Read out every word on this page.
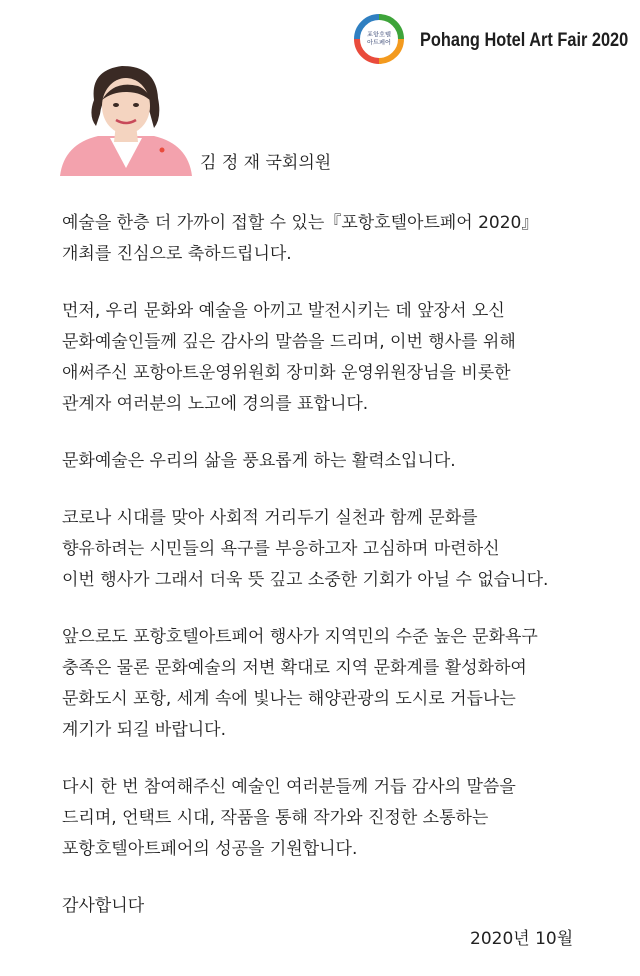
포항호텔
아트페어 Pohang Hotel Art Fair 2020
김 정 재 국회의원
예술을 한층 더 가까이 접할 수 있는『포항호텔아트페어 2020』
개최를 진심으로 축하드립니다.
먼저, 우리 문화와 예술을 아끼고 발전시키는 데 앞장서 오신
문화예술인들께 깊은 감사의 말씀을 드리며, 이번 행사를 위해
애써주신 포항아트운영위원회 장미화 운영위원장님을 비롯한
관계자 여러분의 노고에 경의를 표합니다.
문화예술은 우리의 삶을 풍요롭게 하는 활력소입니다.
코로나 시대를 맞아 사회적 거리두기 실천과 함께 문화를
향유하려는 시민들의 욕구를 부응하고자 고심하며 마련하신
이번 행사가 그래서 더욱 뜻 깊고 소중한 기회가 아닐 수 없습니다.
앞으로도 포항호텔아트페어 행사가 지역민의 수준 높은 문화욕구
충족은 물론 문화예술의 저변 확대로 지역 문화계를 활성화하여
문화도시 포항, 세계 속에 빛나는 해양관광의 도시로 거듭나는
계기가 되길 바랍니다.
다시 한 번 참여해주신 예술인 여러분들께 거듭 감사의 말씀을
드리며, 언택트 시대, 작품을 통해 작가와 진정한 소통하는
포항호텔아트페어의 성공을 기원합니다.
감사합니다
2020년 10월
